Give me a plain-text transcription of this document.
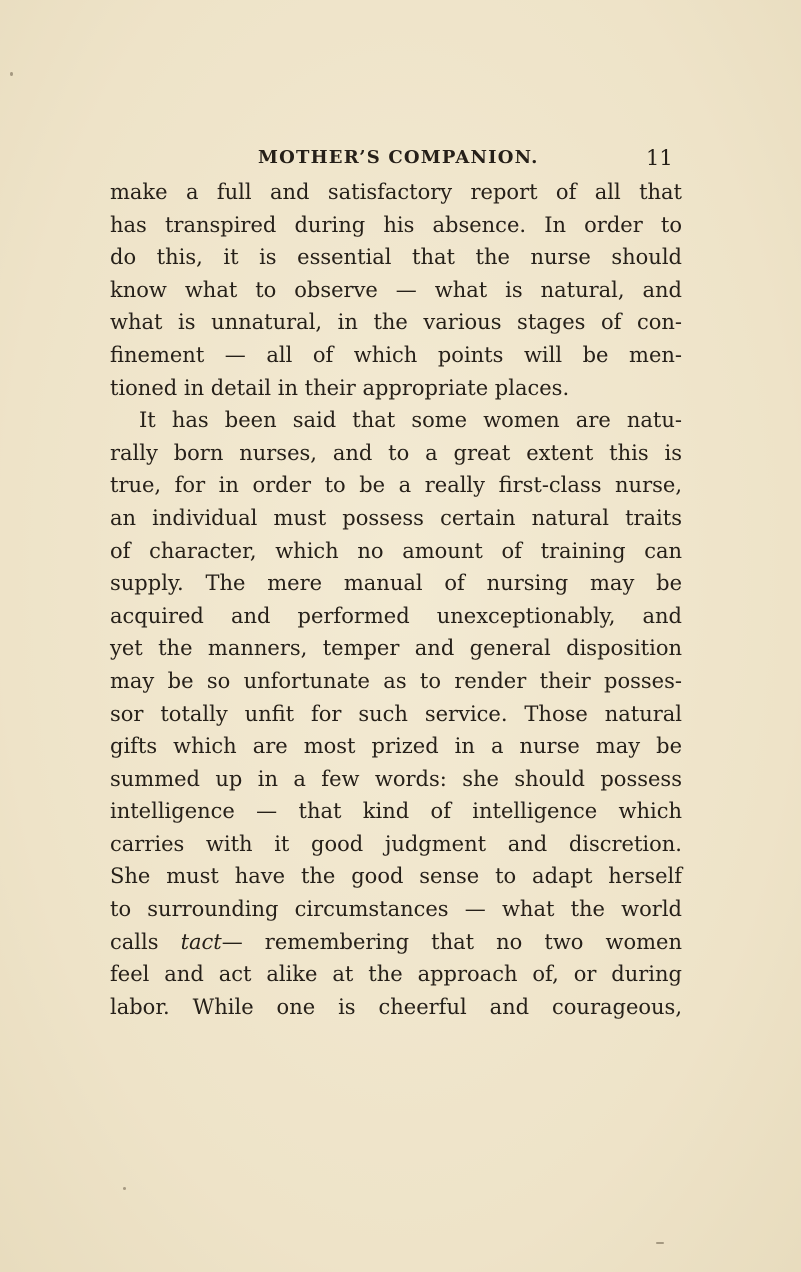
MOTHER’S COMPANION.	11
make a full and satisfactory report of all that
has transpired during his absence. In order to
do this, it is essential that the nurse should
know what to observe — what is natural, and
what is unnatural, in the various stages of con-
finement — all of which points will be men-
tioned in detail in their appropriate places.
It has been said that some women are natu-
rally born nurses, and to a great extent this is
true, for in order to be a really first-class nurse,
an individual must possess certain natural traits
of character, which no amount of training can
supply. The mere manual of nursing may be
acquired and performed unexceptionably, and
yet the manners, temper and general disposition
may be so unfortunate as to render their posses-
sor totally unfit for such service. Those natural
gifts which are most prized in a nurse may be
summed up in a few words: she should possess
intelligence — that kind of intelligence which
carries with it good judgment and discretion.
She must have the good sense to adapt herself
to surrounding circumstances — what the world
calls tact— remembering that no two women
feel and act alike at the approach of, or during
labor. While one is cheerful and courageous,
